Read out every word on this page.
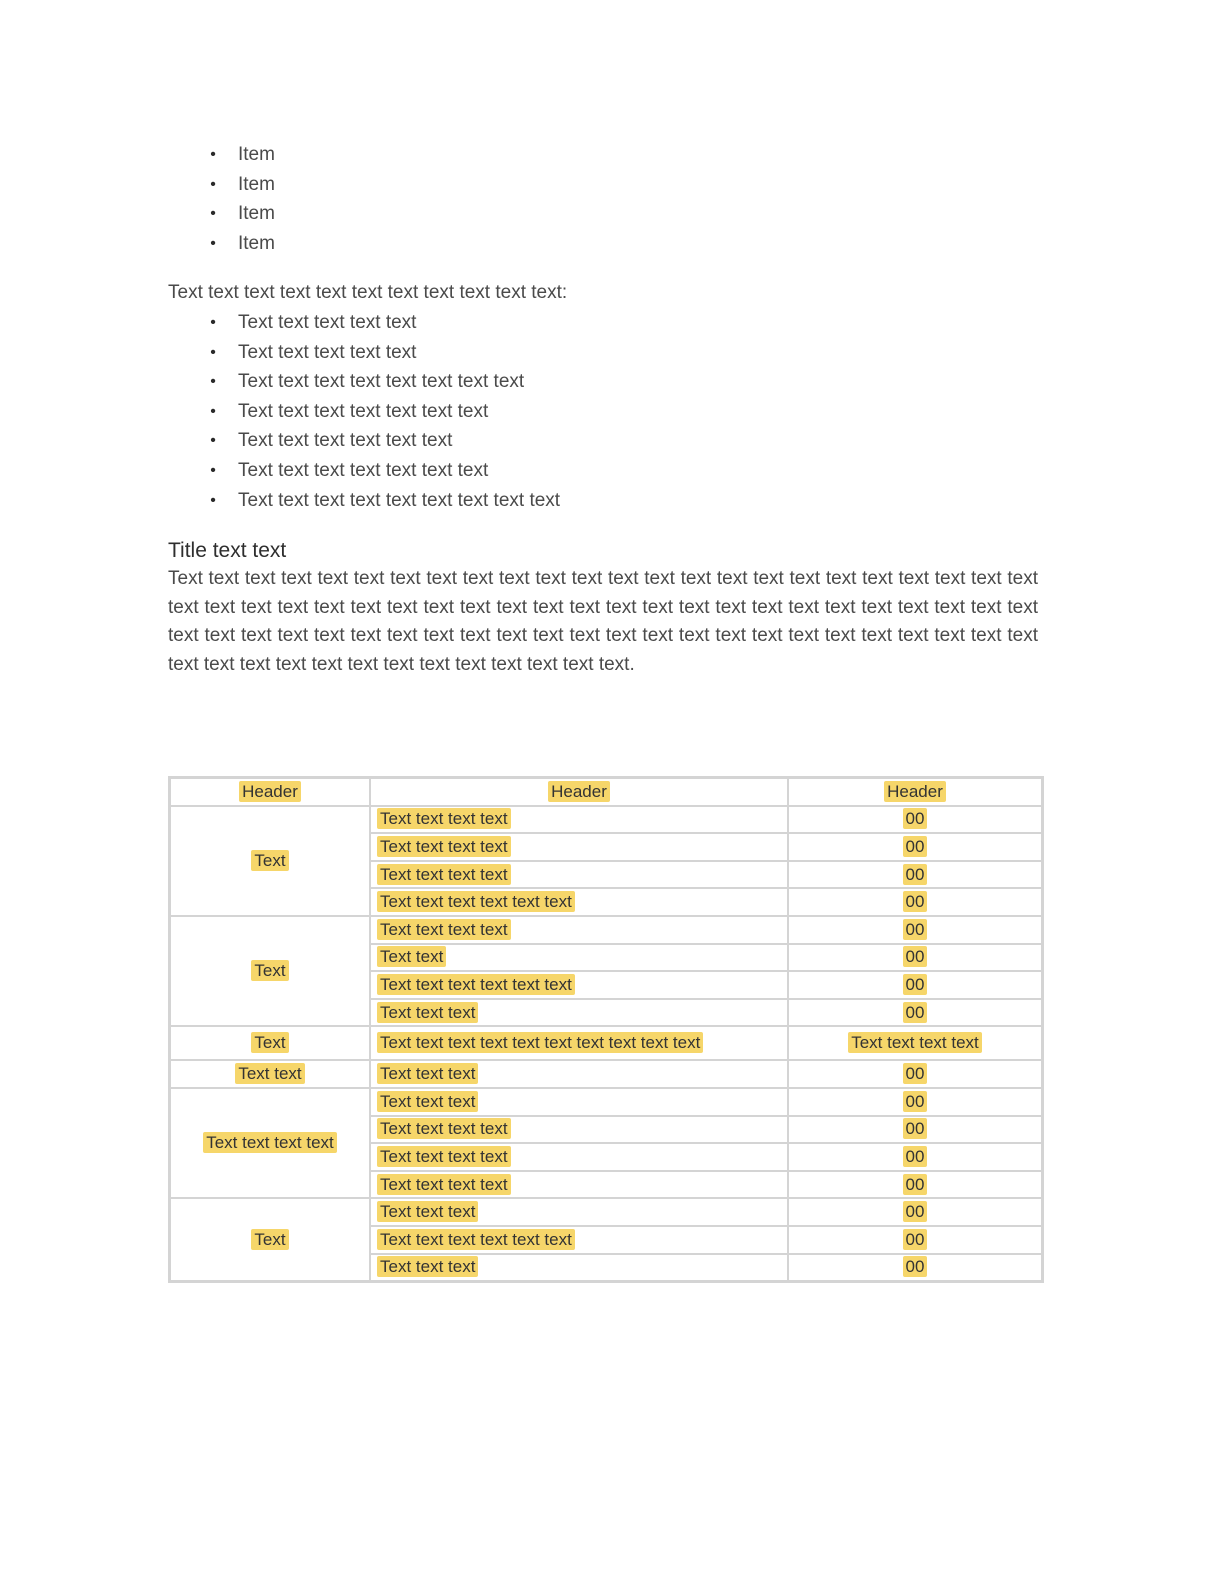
• Item
• Item
• Item
• Item
Text text text text text text text text text text text:
• Text text text text text
• Text text text text text
• Text text text text text text text text
• Text text text text text text text
• Text text text text text text
• Text text text text text text text
• Text text text text text text text text text
Title text text
Text text text text text text text text text text text text text text text text text text text text text text text text text text text text text text text text text text text text text text text text text text text text text text text text text text text text text text text text text text text text text text text text text text text text text text text text text text text text text text text text text text text text text.
Header	Header	Header
Text	Text text text text	00
	Text text text text	00
	Text text text text	00
	Text text text text text text	00
Text	Text text text text	00
	Text text	00
	Text text text text text text	00
	Text text text	00
Text	Text text text text text text text text text text	Text text text text
Text text	Text text text	00
Text text text text	Text text text	00
	Text text text text	00
	Text text text text	00
	Text text text text	00
Text	Text text text	00
	Text text text text text text	00
	Text text text	00
